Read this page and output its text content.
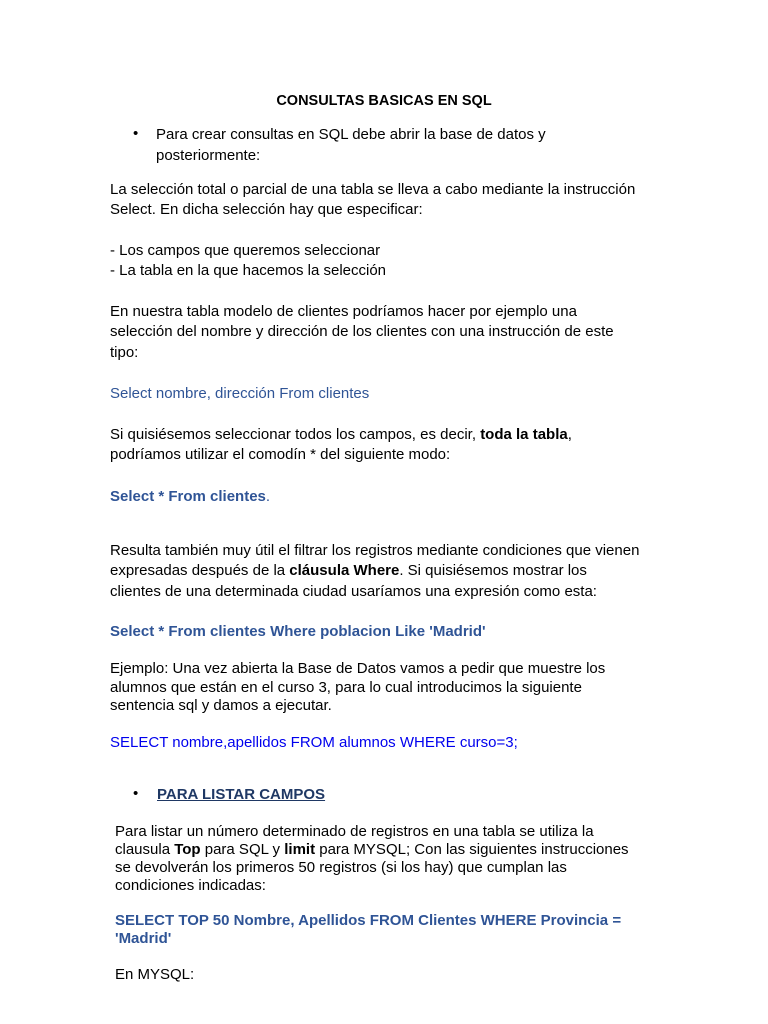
CONSULTAS BASICAS EN SQL

• Para crear consultas en SQL debe abrir la base de datos y

posteriormente:

La selección total o parcial de una tabla se lleva a cabo mediante la instrucción

Select. En dicha selección hay que especificar:

- Los campos que queremos seleccionar

- La tabla en la que hacemos la selección

En nuestra tabla modelo de clientes podríamos hacer por ejemplo una

selección del nombre y dirección de los clientes con una instrucción de este

tipo:

Select nombre, dirección From clientes

Si quisiésemos seleccionar todos los campos, es decir, toda la tabla,

podríamos utilizar el comodín * del siguiente modo:

Select * From clientes.

Resulta también muy útil el filtrar los registros mediante condiciones que vienen

expresadas después de la cláusula Where. Si quisiésemos mostrar los

clientes de una determinada ciudad usaríamos una expresión como esta:

Select * From clientes Where poblacion Like 'Madrid'

Ejemplo: Una vez abierta la Base de Datos vamos a pedir que muestre los

alumnos que están en el curso 3, para lo cual introducimos la siguiente

sentencia sql y damos a ejecutar.

SELECT nombre,apellidos FROM alumnos WHERE curso=3;

• PARA LISTAR CAMPOS

Para listar un número determinado de registros en una tabla se utiliza la

clausula Top para SQL y limit para MYSQL; Con las siguientes instrucciones

se devolverán los primeros 50 registros (si los hay) que cumplan las

condiciones indicadas:

SELECT TOP 50 Nombre, Apellidos FROM Clientes WHERE Provincia =

'Madrid'

En MYSQL:
